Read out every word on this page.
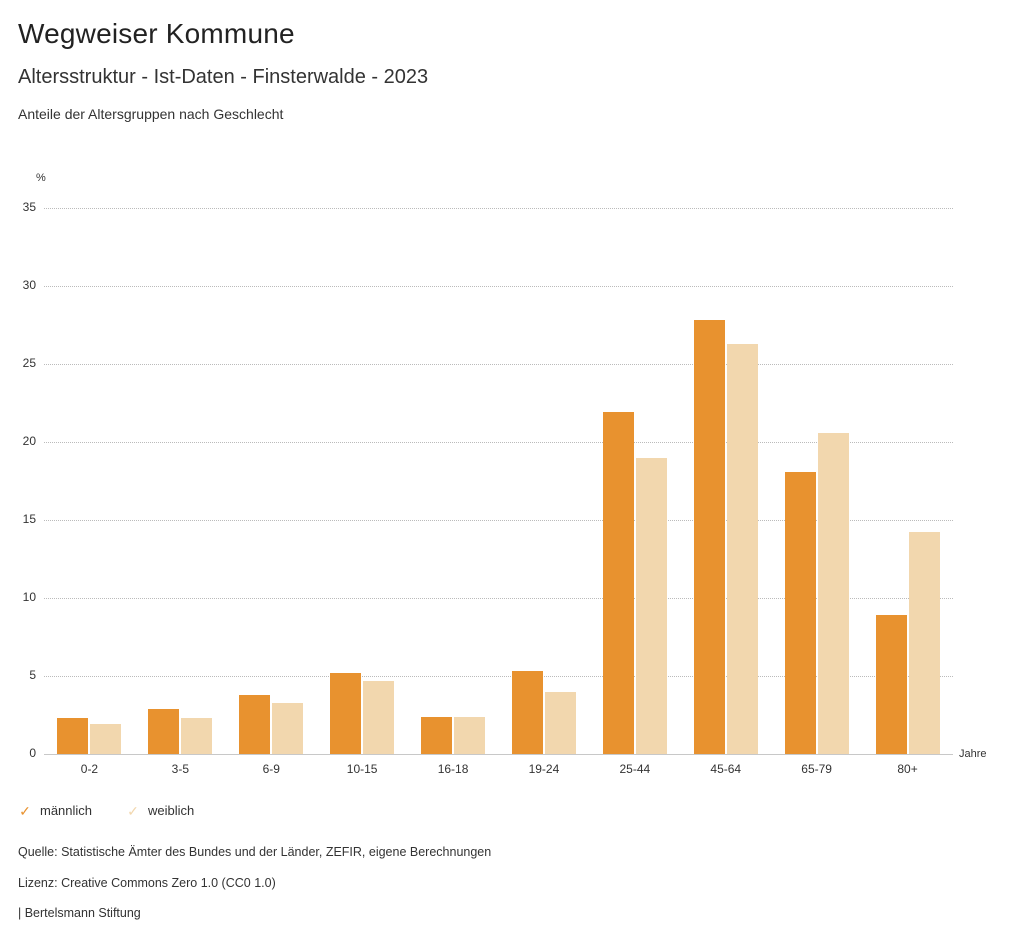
Wegweiser Kommune
Altersstruktur - Ist-Daten - Finsterwalde - 2023
Anteile der Altersgruppen nach Geschlecht
%
Jahre
0
5
10
15
20
25
30
35
0-2	3-5	6-9	10-15	16-18	19-24	25-44	45-64	65-79	80+
✓ männlich	✓ weiblich
Quelle: Statistische Ämter des Bundes und der Länder, ZEFIR, eigene Berechnungen
Lizenz: Creative Commons Zero 1.0 (CC0 1.0)
| Bertelsmann Stiftung
